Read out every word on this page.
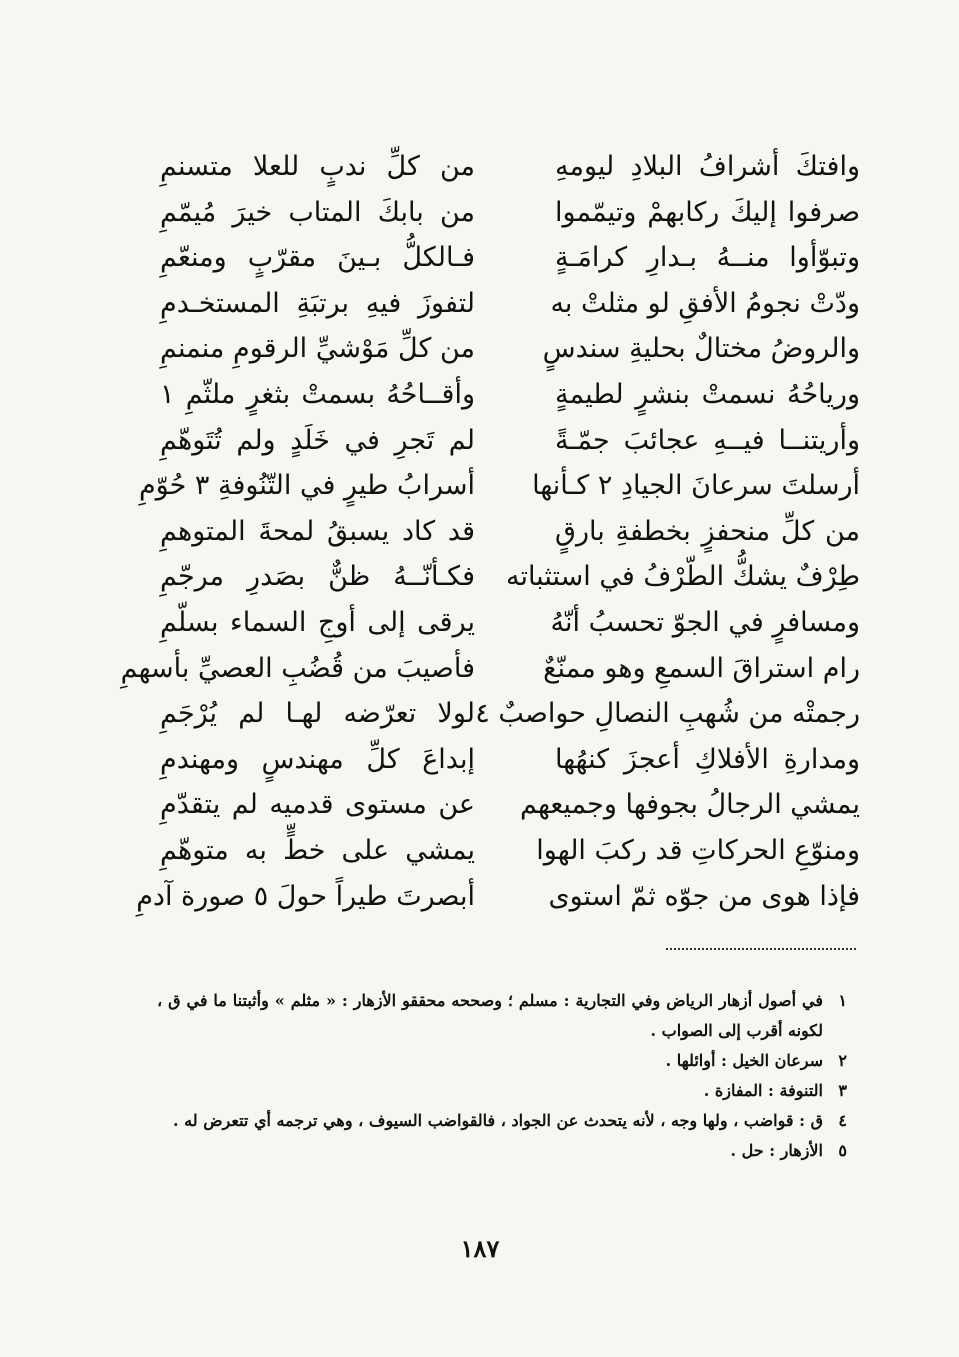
وافتكَ أشرافُ البلادِ ليومهِ
من كلِّ ندبٍ للعلا متسنمِ
صرفوا إليكَ ركابهمْ وتيمّموا
من بابكَ المتاب خيرَ مُيمّمِ
وتبوّأوا منــهُ بـدارِ كرامَـةٍ
فـالكلُّ بـينَ مقرّبٍ ومنعّمِ
ودّتْ نجومُ الأفقِ لو مثلتْ به
لتفوزَ فيهِ برتبَةِ المستخـدمِ
والروضُ مختالٌ بحليةِ سندسٍ
من كلِّ مَوْشيِّ الرقومِ منمنمِ
ورياحُهُ نسمتْ بنشرٍ لطيمةٍ
وأقــاحُهُ بسمتْ بثغرٍ ملثّمِ ١
وأريتنــا فيــهِ عجائبَ جمّـةً
لم تَجرِ في خَلَدٍ ولم تُتَوهّمِ
أرسلتَ سرعانَ الجيادِ ٢ كـأنها
أسرابُ طيرٍ في التّنُوفةِ ٣ حُوّمِ
من كلِّ منحفزٍ بخطفةِ بارقٍ
قد كاد يسبقُ لمحةَ المتوهمِ
طِرْفٌ يشكُّ الطّرْفُ في استثباته
فكـأنّــهُ ظنٌّ بصَدرِ مرجّمِ
ومسافرٍ في الجوّ تحسبُ أنّهُ
يرقى إلى أوجِ السماء بسلّمِ
رام استراقَ السمعِ وهو ممنّعٌ
فأصيبَ من قُضُبِ العصيِّ بأسهمِ
رجمتْه من شُهبِ النصالِ حواصبٌ ٤
لولا تعرّضه لهـا لم يُرْجَمِ
ومدارةِ الأفلاكِ أعجزَ كنهُها
إبداعَ كلِّ مهندسٍ ومهندمِ
يمشي الرجالُ بجوفها وجميعهم
عن مستوى قدميه لم يتقدّمِ
ومنوّعِ الحركاتِ قد ركبَ الهوا
يمشي على خطٍّ به متوهّمِ
فإذا هوى من جوّه ثمّ استوى
أبصرتَ طيراً حولَ ٥ صورة آدمِ
١
في أصول أزهار الرياض وفي التجارية : مسلم ؛ وصححه محققو الأزهار : « مثلم » وأثبتنا ما في ق ، لكونه أقرب إلى الصواب .
٢
سرعان الخيل : أوائلها .
٣
التنوفة : المفازة .
٤
ق : قواضب ، ولها وجه ، لأنه يتحدث عن الجواد ، فالقواضب السيوف ، وهي ترجمه أي تتعرض له .
٥
الأزهار : حل .
١٨٧
